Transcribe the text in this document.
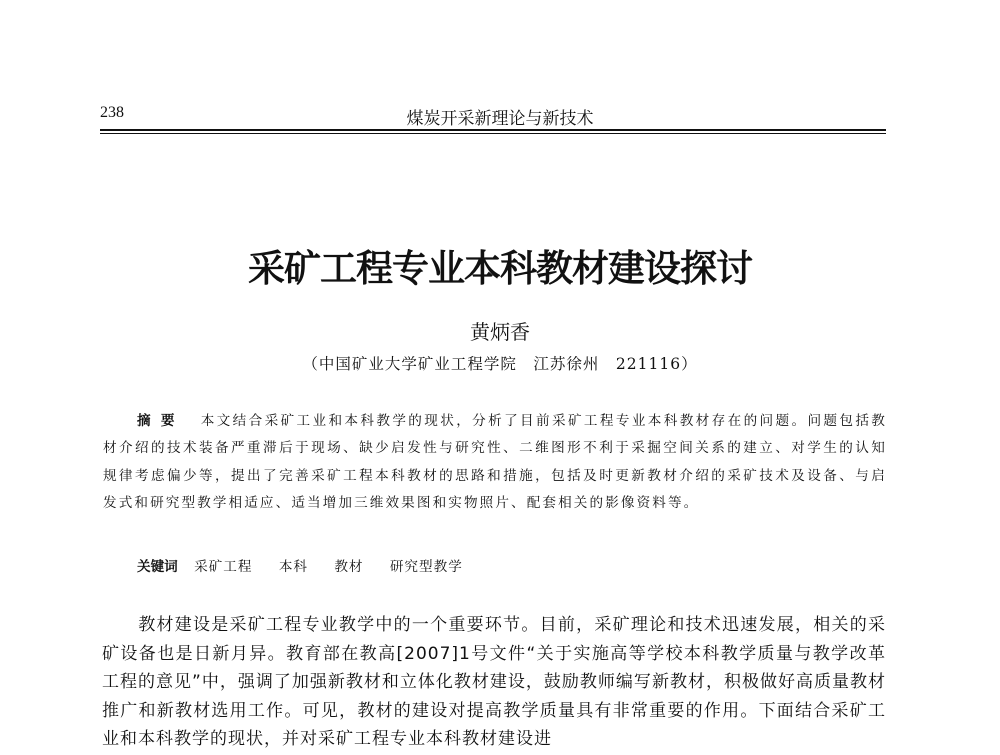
238	煤炭开采新理论与新技术
采矿工程专业本科教材建设探讨
黄炳香
（中国矿业大学矿业工程学院　江苏徐州　221116）
摘要 本文结合采矿工业和本科教学的现状，分析了目前采矿工程专业本科教材存在的问题。问题包括教材介绍的技术装备严重滞后于现场、缺少启发性与研究性、二维图形不利于采掘空间关系的建立、对学生的认知规律考虑偏少等，提出了完善采矿工程本科教材的思路和措施，包括及时更新教材介绍的采矿技术及设备、与启发式和研究型教学相适应、适当增加三维效果图和实物照片、配套相关的影像资料等。
关键词 采矿工程 本科 教材 研究型教学
教材建设是采矿工程专业教学中的一个重要环节。目前，采矿理论和技术迅速发展，相关的采矿设备也是日新月异。教育部在教高[2007]1号文件“关于实施高等学校本科教学质量与教学改革工程的意见”中，强调了加强新教材和立体化教材建设，鼓励教师编写新教材，积极做好高质量教材推广和新教材选用工作。可见，教材的建设对提高教学质量具有非常重要的作用。下面结合采矿工业和本科教学的现状，并对采矿工程专业本科教材建设进
